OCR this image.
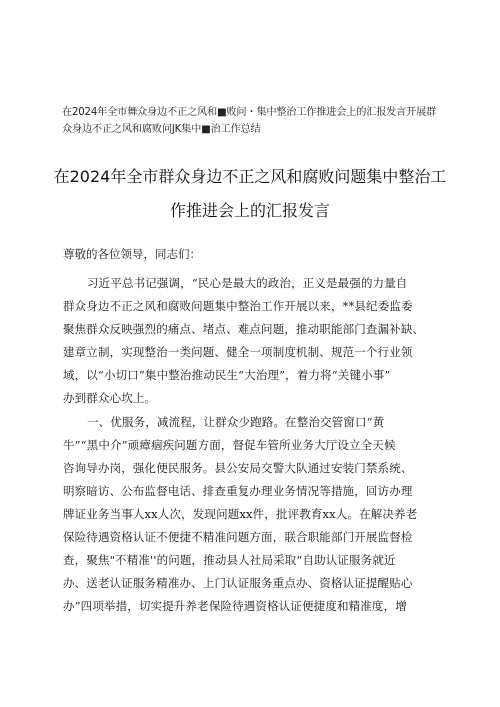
在2024年全市舞众身边不正之风和■败问・集中整治工作推进会上的汇报发言开展群
众身边不正之风和腐败问JK集中■治工作总结
在2024年全市群众身边不正之风和腐败问题集中整治工
作推进会上的汇报发言
尊敬的各位领导，同志们：
习近平总书记强调，“民心是最大的政治，正义是最强的力量自
群众身边不正之风和腐败问题集中整治工作开展以来，**县纪委监委
聚焦群众反映强烈的痛点、堵点、难点问题，推动职能部门查漏补缺、
建章立制，实现整治一类问题、健全一项制度机制、规范一个行业领
域，以“小切口”集中整治推动民生“大治理”，着力将“关键小事”
办到群众心坎上。
一、优服务，减流程，让群众少跑路。在整治交管窗口“黄
牛”“黑中介”顽瘴痼疾问题方面，督促车管所业务大厅设立全天候
咨询导办岗，强化便民服务。县公安局交警大队通过安装门禁系统、
明察暗访、公布监督电话、排查重复办理业务情况等措施，回访办理
牌证业务当事人xx人次，发现问题xx件，批评教育xx人。在解决养老
保险待遇资格认证不便捷不精准问题方面，联合职能部门开展监督检
查，聚焦"不精准''的问题，推动县人社局采取“自助认证服务就近
办、送老认证服务精准办、上门认证服务重点办、资格认证提醒贴心
办”四项举措，切实提升养老保险待遇资格认证便捷度和精准度，增
